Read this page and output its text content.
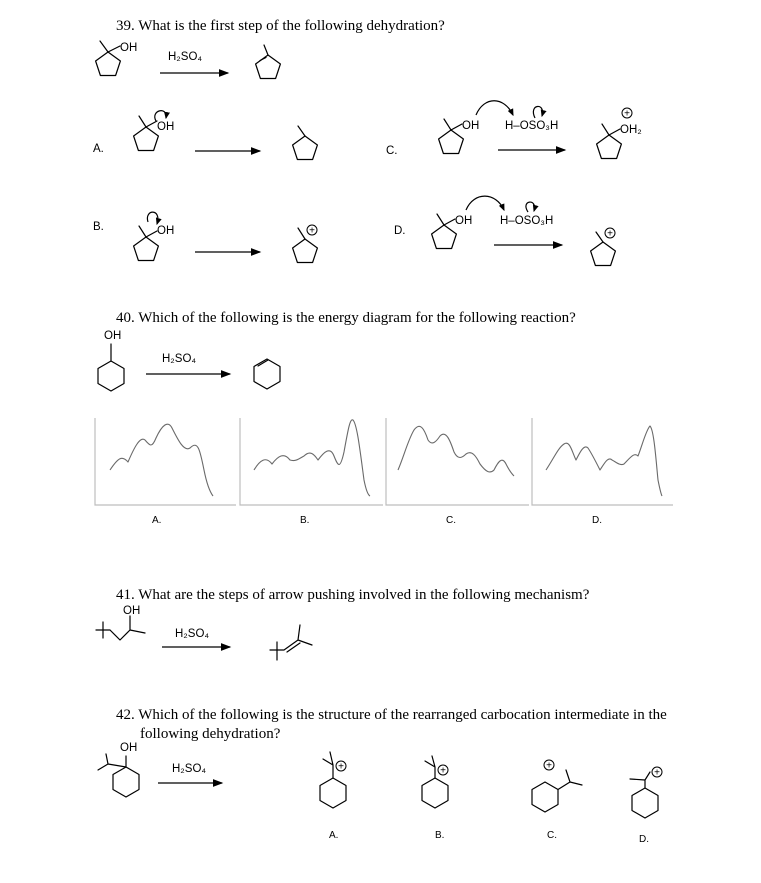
39. What is the first step of the following dehydration?
OH
H₂SO₄
A.
OH
B.	OH	+
C.
OH H–OSO₃H	OH₂
+
D.
OH H–OSO₃H
+
40. Which of the following is the energy diagram for the following reaction?
OH
H₂SO₄
A.	B.	C.	D.
41. What are the steps of arrow pushing involved in the following mechanism?
OH
H₂SO₄
42. Which of the following is the structure of the rearranged carbocation intermediate in the
following dehydration?
OH
H₂SO₄	+
A.
+
B.
+
C.
+
D.
